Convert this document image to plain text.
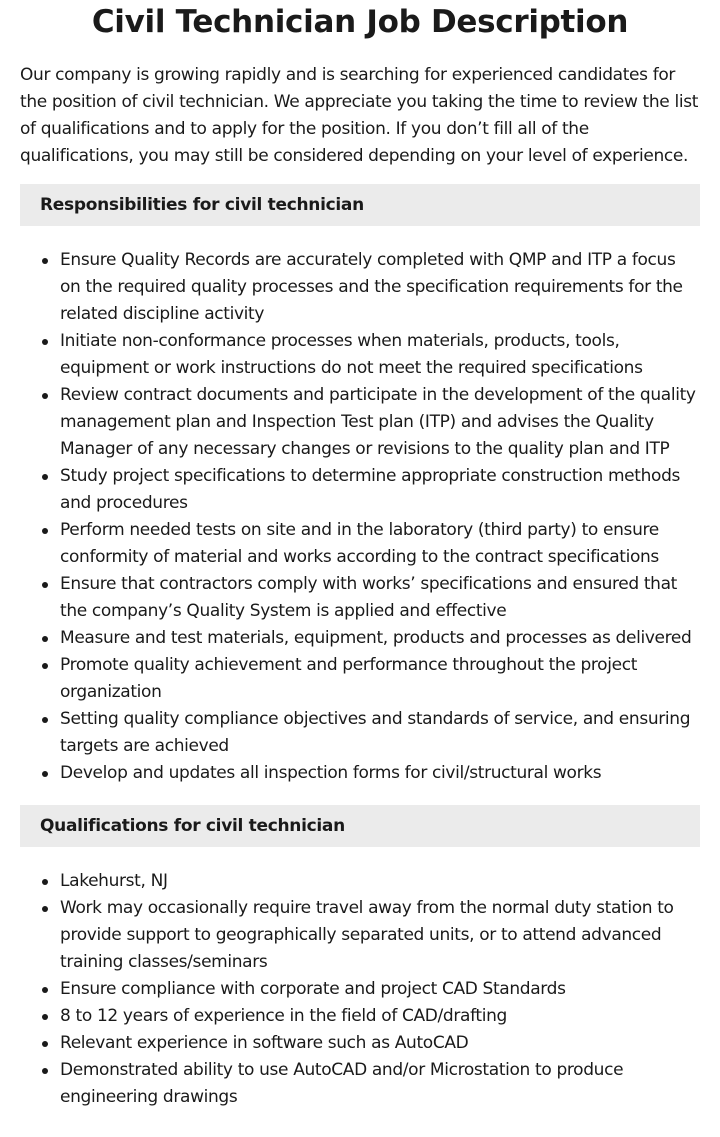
Civil Technician Job Description

Our company is growing rapidly and is searching for experienced candidates for the position of civil technician. We appreciate you taking the time to review the list of qualifications and to apply for the position. If you don’t fill all of the qualifications, you may still be considered depending on your level of experience.

Responsibilities for civil technician
Ensure Quality Records are accurately completed with QMP and ITP a focus on the required quality processes and the specification requirements for the related discipline activity
Initiate non-conformance processes when materials, products, tools, equipment or work instructions do not meet the required specifications
Review contract documents and participate in the development of the quality management plan and Inspection Test plan (ITP) and advises the Quality Manager of any necessary changes or revisions to the quality plan and ITP
Study project specifications to determine appropriate construction methods and procedures
Perform needed tests on site and in the laboratory (third party) to ensure conformity of material and works according to the contract specifications
Ensure that contractors comply with works’ specifications and ensured that the company’s Quality System is applied and effective
Measure and test materials, equipment, products and processes as delivered
Promote quality achievement and performance throughout the project organization
Setting quality compliance objectives and standards of service, and ensuring targets are achieved
Develop and updates all inspection forms for civil/structural works
Qualifications for civil technician
Lakehurst, NJ
Work may occasionally require travel away from the normal duty station to provide support to geographically separated units, or to attend advanced training classes/seminars
Ensure compliance with corporate and project CAD Standards
8 to 12 years of experience in the field of CAD/drafting
Relevant experience in software such as AutoCAD
Demonstrated ability to use AutoCAD and/or Microstation to produce engineering drawings
